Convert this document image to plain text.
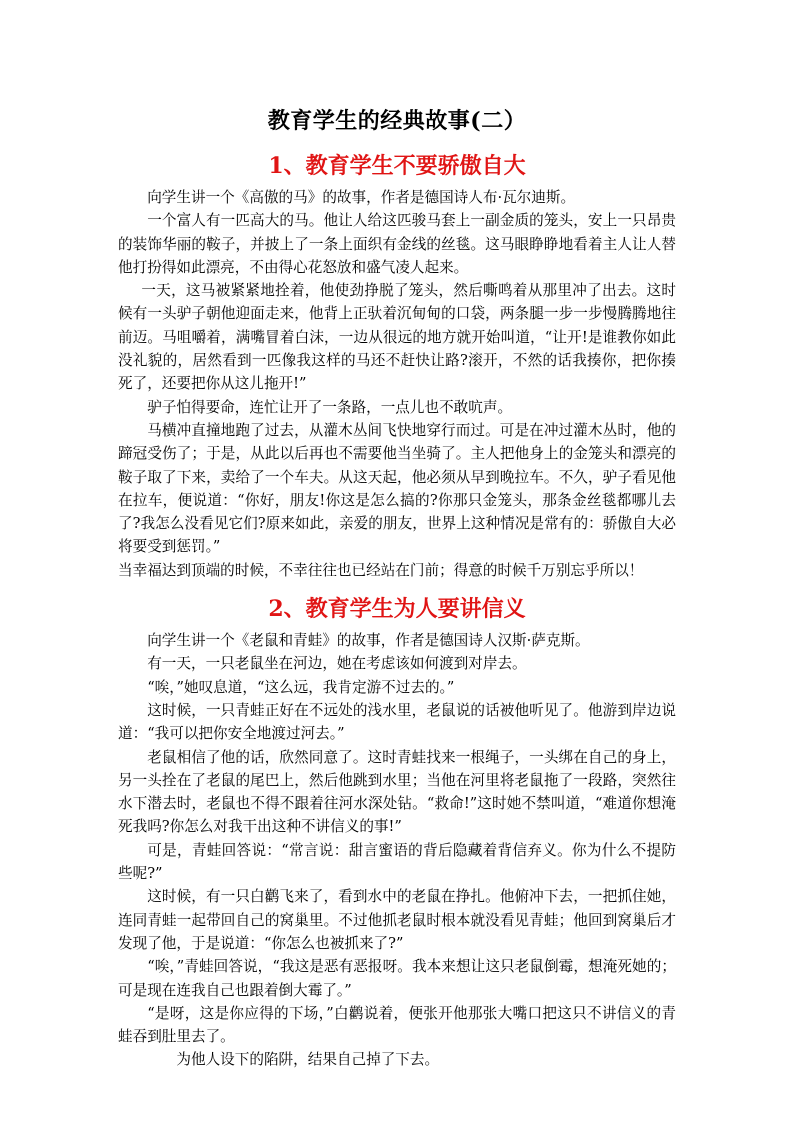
教育学生的经典故事(二）
1、教育学生不要骄傲自大

向学生讲一个《高傲的马》的故事，作者是德国诗人布·瓦尔迪斯。

一个富人有一匹高大的马。他让人给这匹骏马套上一副金质的笼头，安上一只昂贵的装饰华丽的鞍子，并披上了一条上面织有金线的丝毯。这马眼睁睁地看着主人让人替他打扮得如此漂亮，不由得心花怒放和盛气凌人起来。

一天，这马被紧紧地拴着，他使劲挣脱了笼头，然后嘶鸣着从那里冲了出去。这时候有一头驴子朝他迎面走来，他背上正驮着沉甸甸的口袋，两条腿一步一步慢腾腾地往前迈。马咀嚼着，满嘴冒着白沫，一边从很远的地方就开始叫道，“让开!是谁教你如此没礼貌的，居然看到一匹像我这样的马还不赶快让路?滚开，不然的话我揍你，把你揍死了，还要把你从这儿拖开!”

驴子怕得要命，连忙让开了一条路，一点儿也不敢吭声。

马横冲直撞地跑了过去，从灌木丛间飞快地穿行而过。可是在冲过灌木丛时，他的蹄冠受伤了；于是，从此以后再也不需要他当坐骑了。主人把他身上的金笼头和漂亮的鞍子取了下来，卖给了一个车夫。从这天起，他必须从早到晚拉车。不久，驴子看见他在拉车，便说道：“你好，朋友!你这是怎么搞的?你那只金笼头，那条金丝毯都哪儿去了?我怎么没看见它们?原来如此，亲爱的朋友，世界上这种情况是常有的：骄傲自大必将要受到惩罚。”

当幸福达到顶端的时候，不幸往往也已经站在门前；得意的时候千万别忘乎所以！

2、教育学生为人要讲信义

向学生讲一个《老鼠和青蛙》的故事，作者是德国诗人汉斯·萨克斯。

有一天，一只老鼠坐在河边，她在考虑该如何渡到对岸去。

“唉，”她叹息道，“这么远，我肯定游不过去的。”

这时候，一只青蛙正好在不远处的浅水里，老鼠说的话被他听见了。他游到岸边说道：“我可以把你安全地渡过河去。”

老鼠相信了他的话，欣然同意了。这时青蛙找来一根绳子，一头绑在自己的身上，另一头拴在了老鼠的尾巴上，然后他跳到水里；当他在河里将老鼠拖了一段路，突然往水下潜去时，老鼠也不得不跟着往河水深处钻。“救命!”这时她不禁叫道，“难道你想淹死我吗?你怎么对我干出这种不讲信义的事!”

可是，青蛙回答说：“常言说：甜言蜜语的背后隐藏着背信弃义。你为什么不提防些呢?”

这时候，有一只白鹳飞来了，看到水中的老鼠在挣扎。他俯冲下去，一把抓住她，连同青蛙一起带回自己的窝巢里。不过他抓老鼠时根本就没看见青蛙；他回到窝巢后才发现了他，于是说道：“你怎么也被抓来了?”

“唉，”青蛙回答说，“我这是恶有恶报呀。我本来想让这只老鼠倒霉，想淹死她的；可是现在连我自己也跟着倒大霉了。”

“是呀，这是你应得的下场，”白鹳说着，便张开他那张大嘴口把这只不讲信义的青蛙吞到肚里去了。

为他人设下的陷阱，结果自己掉了下去。
